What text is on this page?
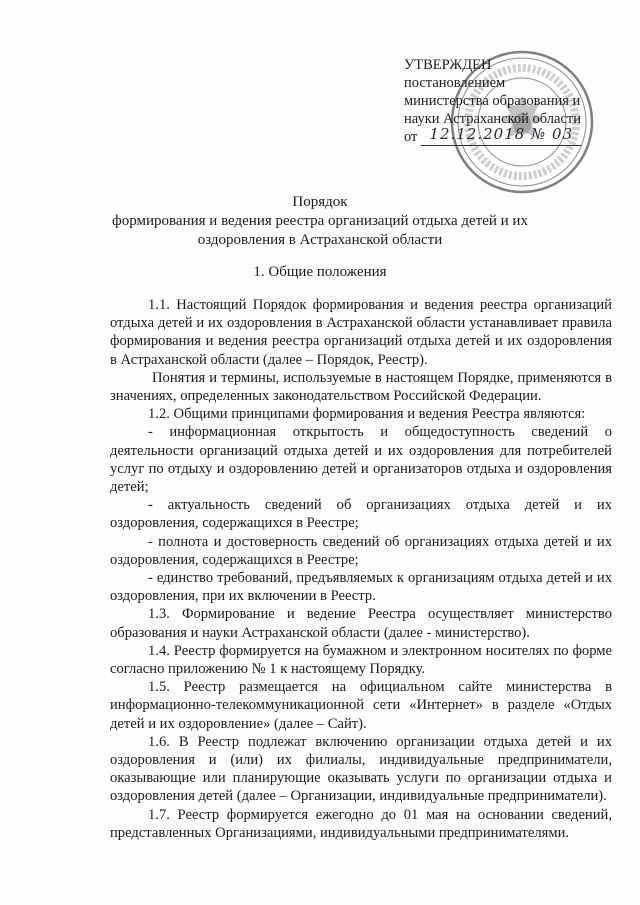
УТВЕРЖДЕН
постановлением
министерства образования и
науки Астраханской области
от 12.12.2018 № 03
Порядок
формирования и ведения реестра организаций отдыха детей и их
оздоровления в Астраханской области
1. Общие положения

1.1. Настоящий Порядок формирования и ведения реестра организаций отдыха детей и их оздоровления в Астраханской области устанавливает правила формирования и ведения реестра организаций отдыха детей и их оздоровления в Астраханской области (далее – Порядок, Реестр).

Понятия и термины, используемые в настоящем Порядке, применяются в значениях, определенных законодательством Российской Федерации.

1.2. Общими принципами формирования и ведения Реестра являются:

- информационная открытость и общедоступность сведений о деятельности организаций отдыха детей и их оздоровления для потребителей услуг по отдыху и оздоровлению детей и организаторов отдыха и оздоровления детей;

- актуальность сведений об организациях отдыха детей и их оздоровления, содержащихся в Реестре;

- полнота и достоверность сведений об организациях отдыха детей и их оздоровления, содержащихся в Реестре;

- единство требований, предъявляемых к организациям отдыха детей и их оздоровления, при их включении в Реестр.

1.3. Формирование и ведение Реестра осуществляет министерство образования и науки Астраханской области (далее - министерство).

1.4. Реестр формируется на бумажном и электронном носителях по форме согласно приложению № 1 к настоящему Порядку.

1.5. Реестр размещается на официальном сайте министерства в информационно-телекоммуникационной сети «Интернет» в разделе «Отдых детей и их оздоровление» (далее – Сайт).

1.6. В Реестр подлежат включению организации отдыха детей и их оздоровления и (или) их филиалы, индивидуальные предприниматели, оказывающие или планирующие оказывать услуги по организации отдыха и оздоровления детей (далее – Организации, индивидуальные предприниматели).

1.7. Реестр формируется ежегодно до 01 мая на основании сведений, представленных Организациями, индивидуальными предпринимателями.
